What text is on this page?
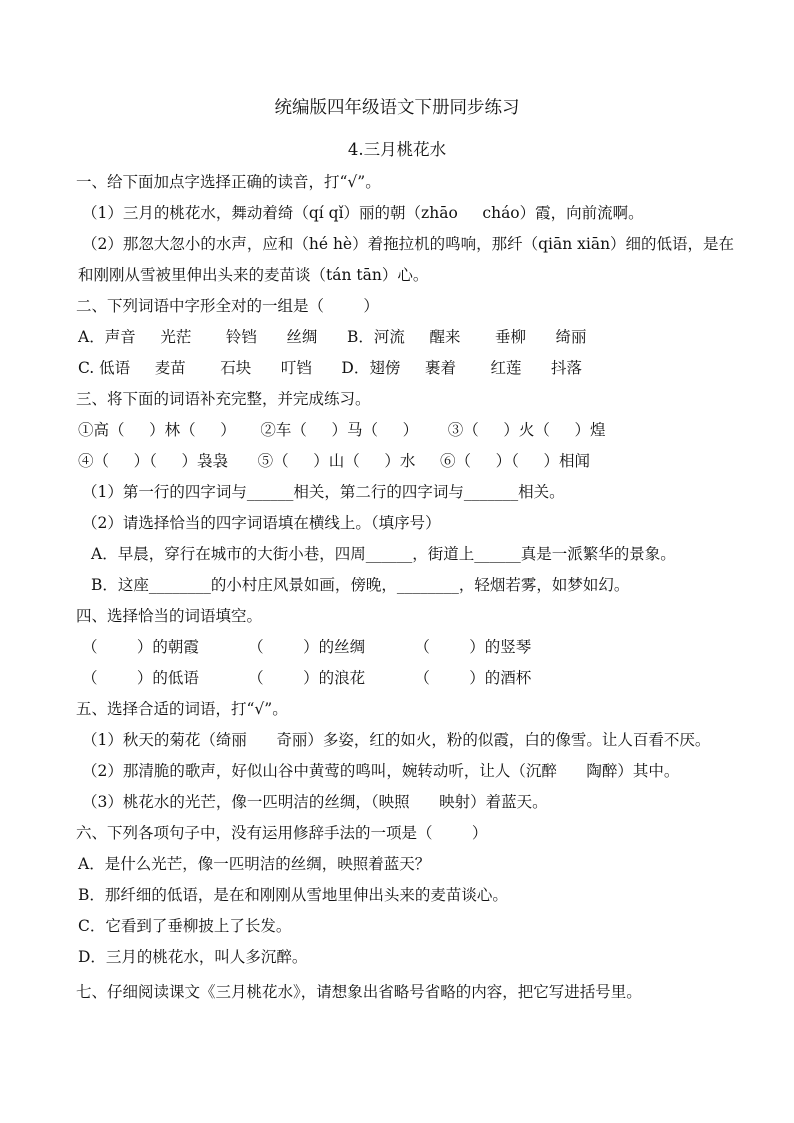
统编版四年级语文下册同步练习
4.三月桃花水
一、给下面加点字选择正确的读音，打“√”。
（1）三月的桃花水，舞动着绮（qí qǐ）丽的朝（zhāo     cháo）霞，向前流啊。
（2）那忽大忽小的水声，应和（hé hè）着拖拉机的鸣响，那纤（qiān xiān）细的低语，是在
和刚刚从雪被里伸出头来的麦苗谈（tán tān）心。
二、下列词语中字形全对的一组是（        ）
A．声音     光茫       铃铛      丝绸      B．河流     醒来       垂柳      绮丽
C. 低语     麦苗       石块      叮铛      D．翅傍     裹着       红莲      抖落
三、将下面的词语补充完整，并完成练习。
①高（     ）林（     ）     ②车（     ）马（     ）      ③（     ）火（     ）煌
④（     ）（     ）袅袅      ⑤（     ）山（     ）水     ⑥（     ）（     ）相闻
（1）第一行的四字词与______相关，第二行的四字词与_______相关。
（2）请选择恰当的四字词语填在横线上。（填序号）
A．早晨，穿行在城市的大街小巷，四周______，街道上______真是一派繁华的景象。
B．这座________的小村庄风景如画，傍晚，________，轻烟若雾，如梦如幻。
四、选择恰当的词语填空。
（        ）的朝霞          （        ）的丝绸          （        ）的竖琴
（        ）的低语          （        ）的浪花          （        ）的酒杯
五、选择合适的词语，打“√”。
（1）秋天的菊花（绮丽      奇丽）多姿，红的如火，粉的似霞，白的像雪。让人百看不厌。
（2）那清脆的歌声，好似山谷中黄莺的鸣叫，婉转动听，让人（沉醉      陶醉）其中。
（3）桃花水的光芒，像一匹明洁的丝绸，（映照      映射）着蓝天。
六、下列各项句子中，没有运用修辞手法的一项是（        ）
A．是什么光芒，像一匹明洁的丝绸，映照着蓝天？
B．那纤细的低语，是在和刚刚从雪地里伸出头来的麦苗谈心。
C．它看到了垂柳披上了长发。
D．三月的桃花水，叫人多沉醉。
七、仔细阅读课文《三月桃花水》，请想象出省略号省略的内容，把它写进括号里。
